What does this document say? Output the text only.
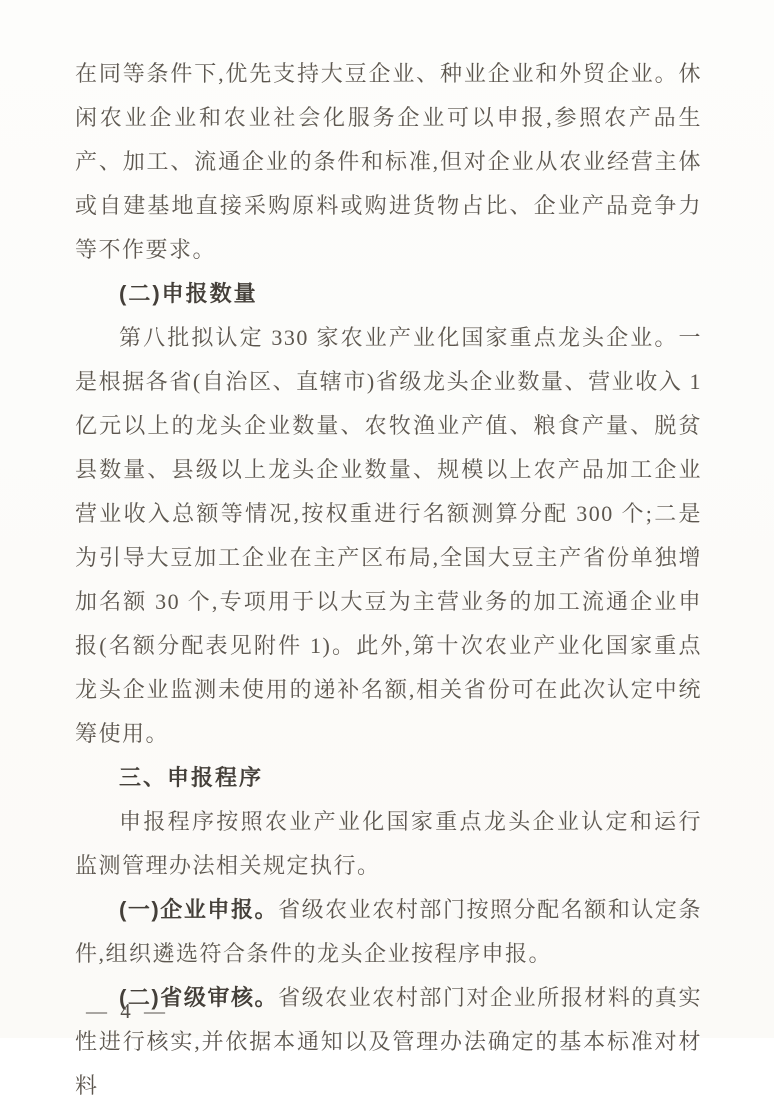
在同等条件下,优先支持大豆企业、种业企业和外贸企业。休闲农业企业和农业社会化服务企业可以申报,参照农产品生产、加工、流通企业的条件和标准,但对企业从农业经营主体或自建基地直接采购原料或购进货物占比、企业产品竞争力等不作要求。

(二)申报数量

第八批拟认定 330 家农业产业化国家重点龙头企业。一是根据各省(自治区、直辖市)省级龙头企业数量、营业收入 1 亿元以上的龙头企业数量、农牧渔业产值、粮食产量、脱贫县数量、县级以上龙头企业数量、规模以上农产品加工企业营业收入总额等情况,按权重进行名额测算分配 300 个;二是为引导大豆加工企业在主产区布局,全国大豆主产省份单独增加名额 30 个,专项用于以大豆为主营业务的加工流通企业申报(名额分配表见附件 1)。此外,第十次农业产业化国家重点龙头企业监测未使用的递补名额,相关省份可在此次认定中统筹使用。

三、申报程序

申报程序按照农业产业化国家重点龙头企业认定和运行监测管理办法相关规定执行。

(一)企业申报。省级农业农村部门按照分配名额和认定条件,组织遴选符合条件的龙头企业按程序申报。

(二)省级审核。省级农业农村部门对企业所报材料的真实性进行核实,并依据本通知以及管理办法确定的基本标准对材料

— 4 —
